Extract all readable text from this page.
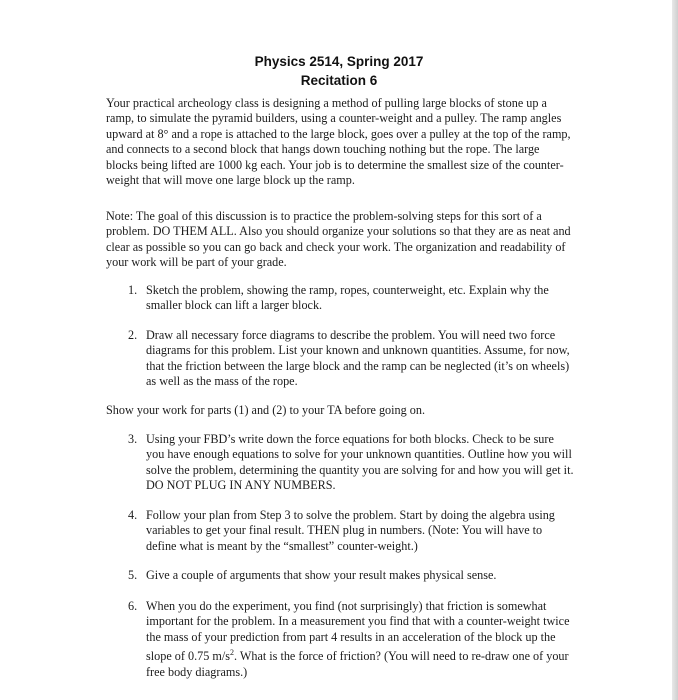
Physics 2514, Spring 2017
Recitation 6

Your practical archeology class is designing a method of pulling large blocks of stone up a ramp, to simulate the pyramid builders, using a counter-weight and a pulley. The ramp angles upward at 8° and a rope is attached to the large block, goes over a pulley at the top of the ramp, and connects to a second block that hangs down touching nothing but the rope. The large blocks being lifted are 1000 kg each. Your job is to determine the smallest size of the counter-weight that will move one large block up the ramp.

Note: The goal of this discussion is to practice the problem-solving steps for this sort of a problem. DO THEM ALL. Also you should organize your solutions so that they are as neat and clear as possible so you can go back and check your work. The organization and readability of your work will be part of your grade.

1. Sketch the problem, showing the ramp, ropes, counterweight, etc. Explain why the smaller block can lift a larger block.
2. Draw all necessary force diagrams to describe the problem. You will need two force diagrams for this problem. List your known and unknown quantities. Assume, for now, that the friction between the large block and the ramp can be neglected (it’s on wheels) as well as the mass of the rope.

Show your work for parts (1) and (2) to your TA before going on.

3. Using your FBD’s write down the force equations for both blocks. Check to be sure you have enough equations to solve for your unknown quantities. Outline how you will solve the problem, determining the quantity you are solving for and how you will get it. DO NOT PLUG IN ANY NUMBERS.
4. Follow your plan from Step 3 to solve the problem. Start by doing the algebra using variables to get your final result. THEN plug in numbers. (Note: You will have to define what is meant by the “smallest” counter-weight.)
5. Give a couple of arguments that show your result makes physical sense.
6. When you do the experiment, you find (not surprisingly) that friction is somewhat important for the problem. In a measurement you find that with a counter-weight twice the mass of your prediction from part 4 results in an acceleration of the block up the slope of 0.75 $m/s^2$. What is the force of friction? (You will need to re-draw one of your free body diagrams.)
